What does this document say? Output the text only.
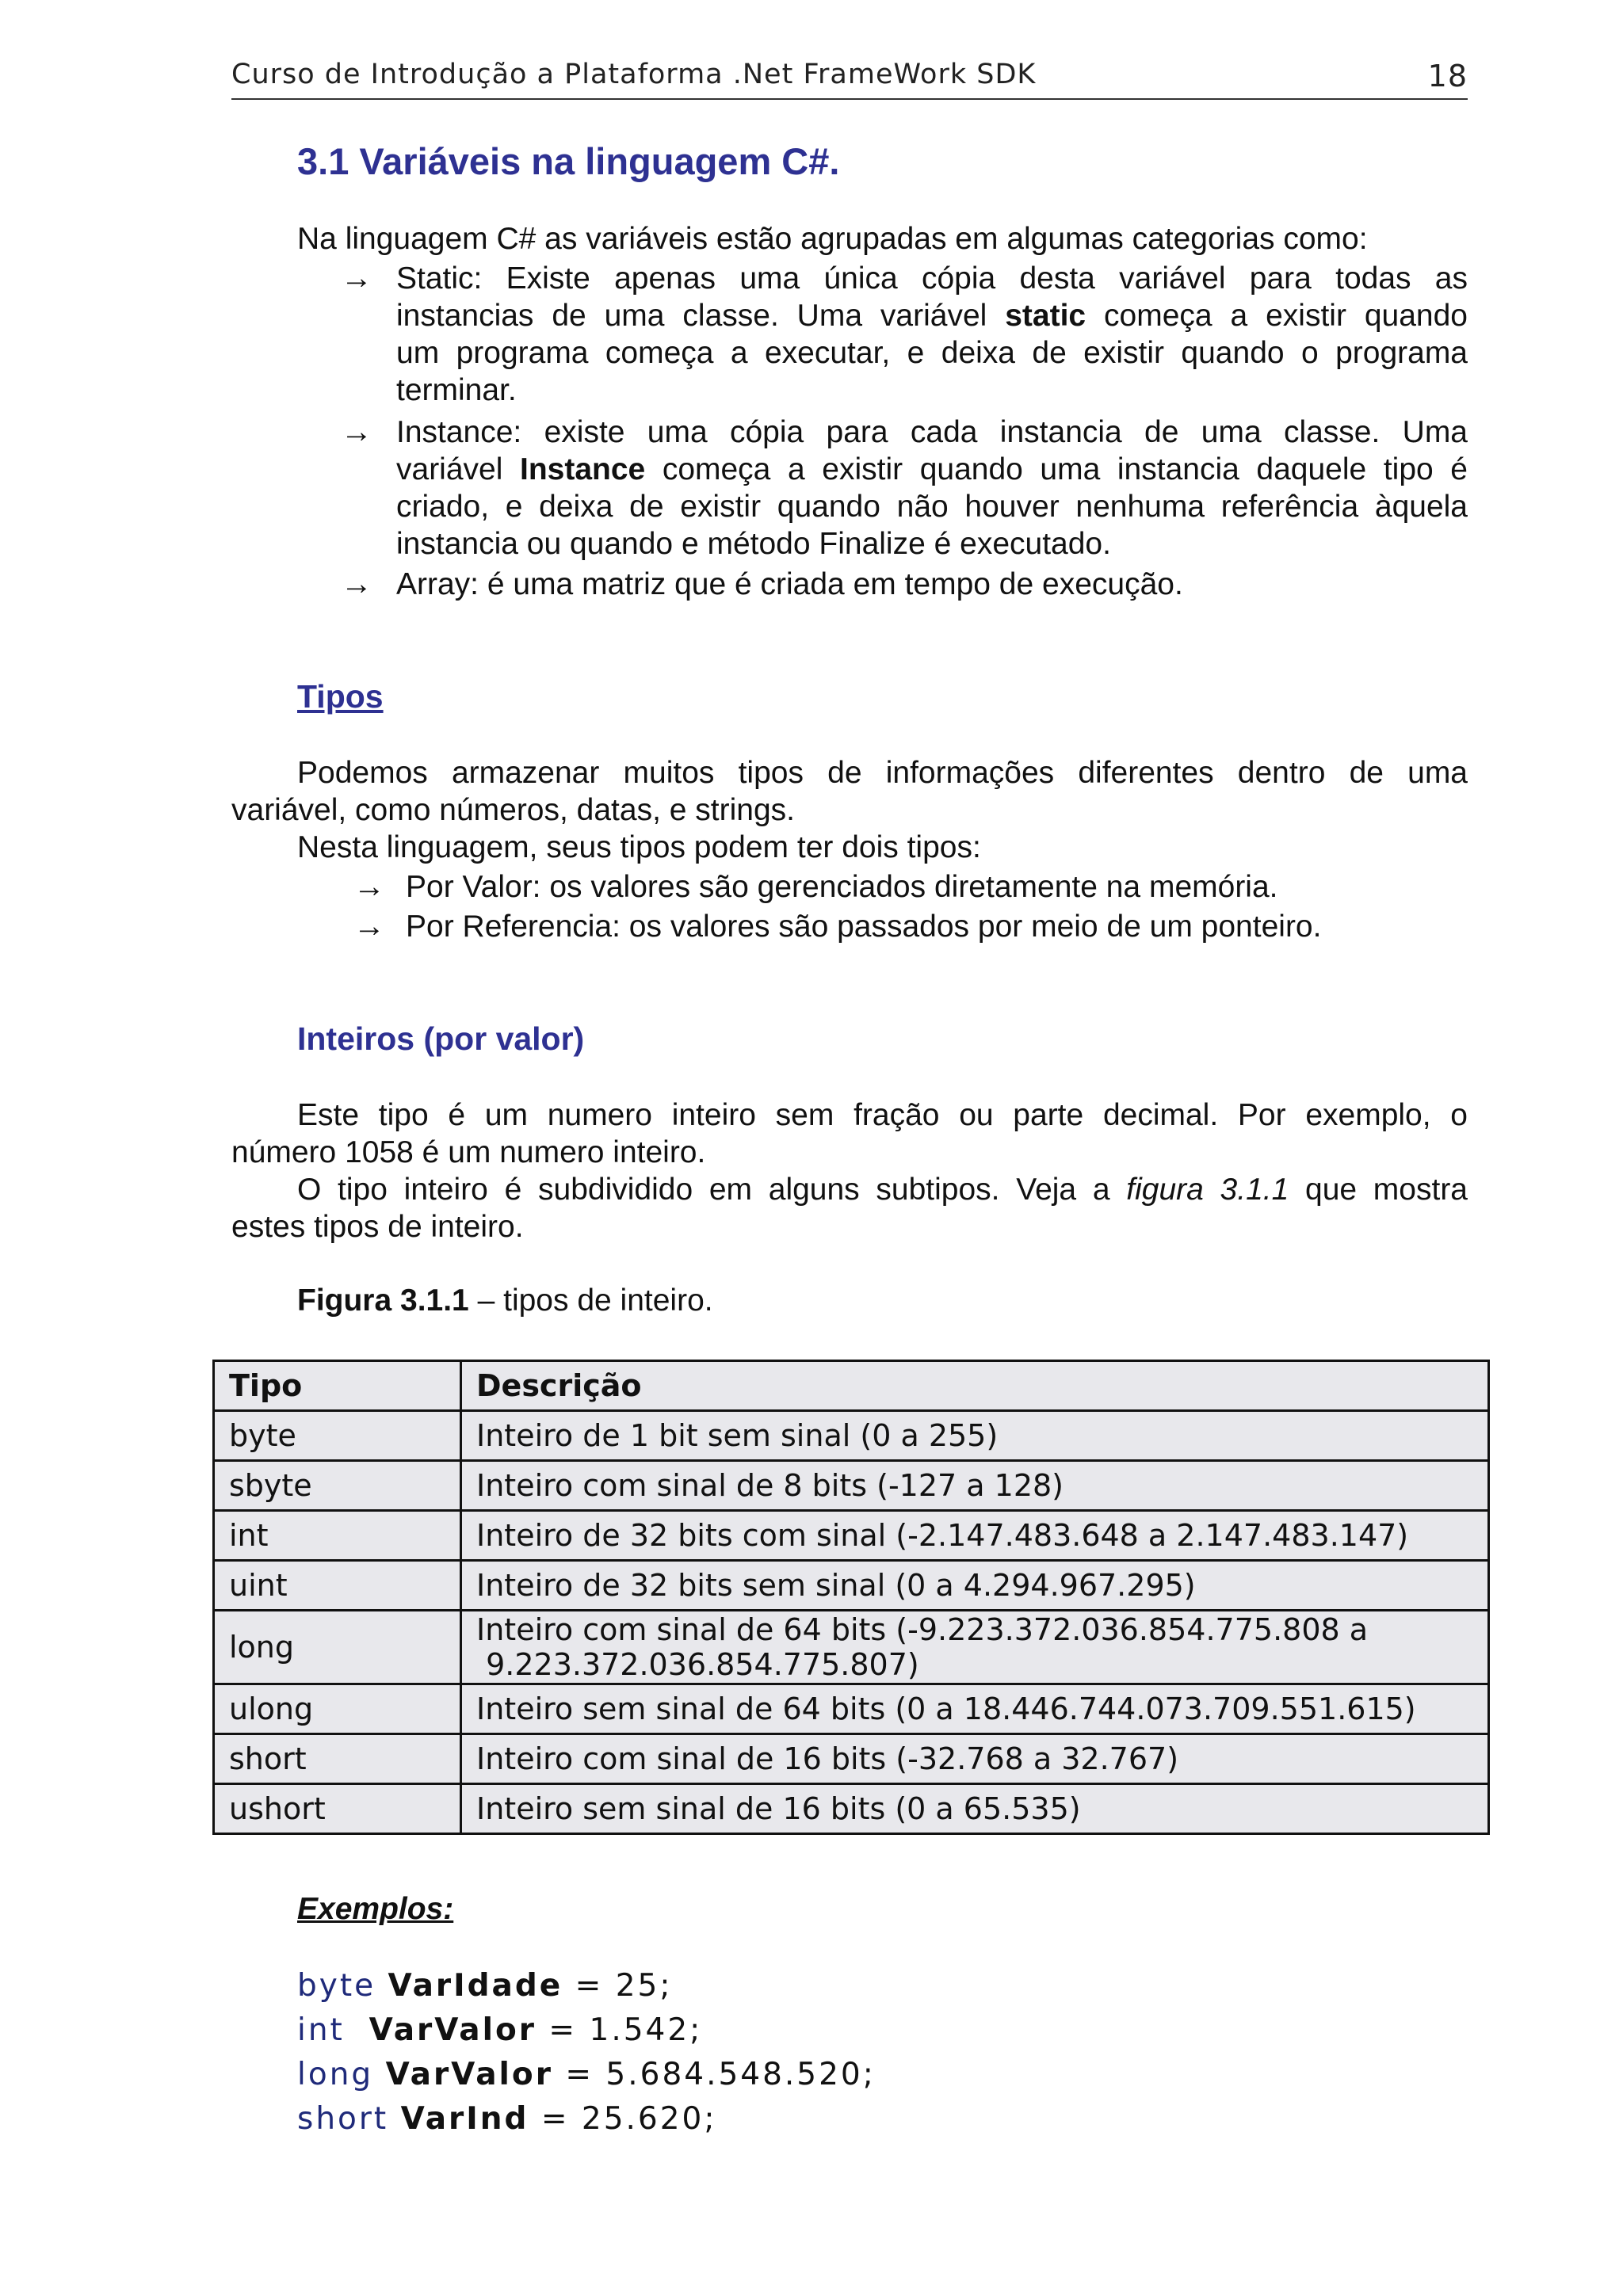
Curso de Introdução a Plataforma .Net FrameWork SDK	18
3.1 Variáveis na linguagem C#.
Na linguagem C# as variáveis estão agrupadas em algumas categorias como:
→ Static: Existe apenas uma única cópia desta variável para todas as
instancias de uma classe. Uma variável static começa a existir quando
um programa começa a executar, e deixa de existir quando o programa
terminar.
→ Instance: existe uma cópia para cada instancia de uma classe. Uma
variável Instance começa a existir quando uma instancia daquele tipo é
criado, e deixa de existir quando não houver nenhuma referência àquela
instancia ou quando e método Finalize é executado.
→ Array: é uma matriz que é criada em tempo de execução.
Tipos
Podemos armazenar muitos tipos de informações diferentes dentro de uma
variável, como números, datas, e strings.
Nesta linguagem, seus tipos podem ter dois tipos:
→ Por Valor: os valores são gerenciados diretamente na memória.
→ Por Referencia: os valores são passados por meio de um ponteiro.
Inteiros (por valor)
Este tipo é um numero inteiro sem fração ou parte decimal. Por exemplo, o
número 1058 é um numero inteiro.
O tipo inteiro é subdividido em alguns subtipos. Veja a figura 3.1.1 que mostra
estes tipos de inteiro.
Figura 3.1.1 – tipos de inteiro.
Tipo	Descrição
byte	Inteiro de 1 bit sem sinal (0 a 255)
sbyte	Inteiro com sinal de 8 bits (-127 a 128)
int	Inteiro de 32 bits com sinal (-2.147.483.648 a 2.147.483.147)
uint	Inteiro de 32 bits sem sinal (0 a 4.294.967.295)
long	Inteiro com sinal de 64 bits (-9.223.372.036.854.775.808 a
9.223.372.036.854.775.807)

ulong	Inteiro sem sinal de 64 bits (0 a 18.446.744.073.709.551.615)
short	Inteiro com sinal de 16 bits (-32.768 a 32.767)
ushort	Inteiro sem sinal de 16 bits (0 a 65.535)
Exemplos:
byte VarIdade = 25;
int VarValor = 1.542;
long VarValor = 5.684.548.520;
short VarInd = 25.620;
